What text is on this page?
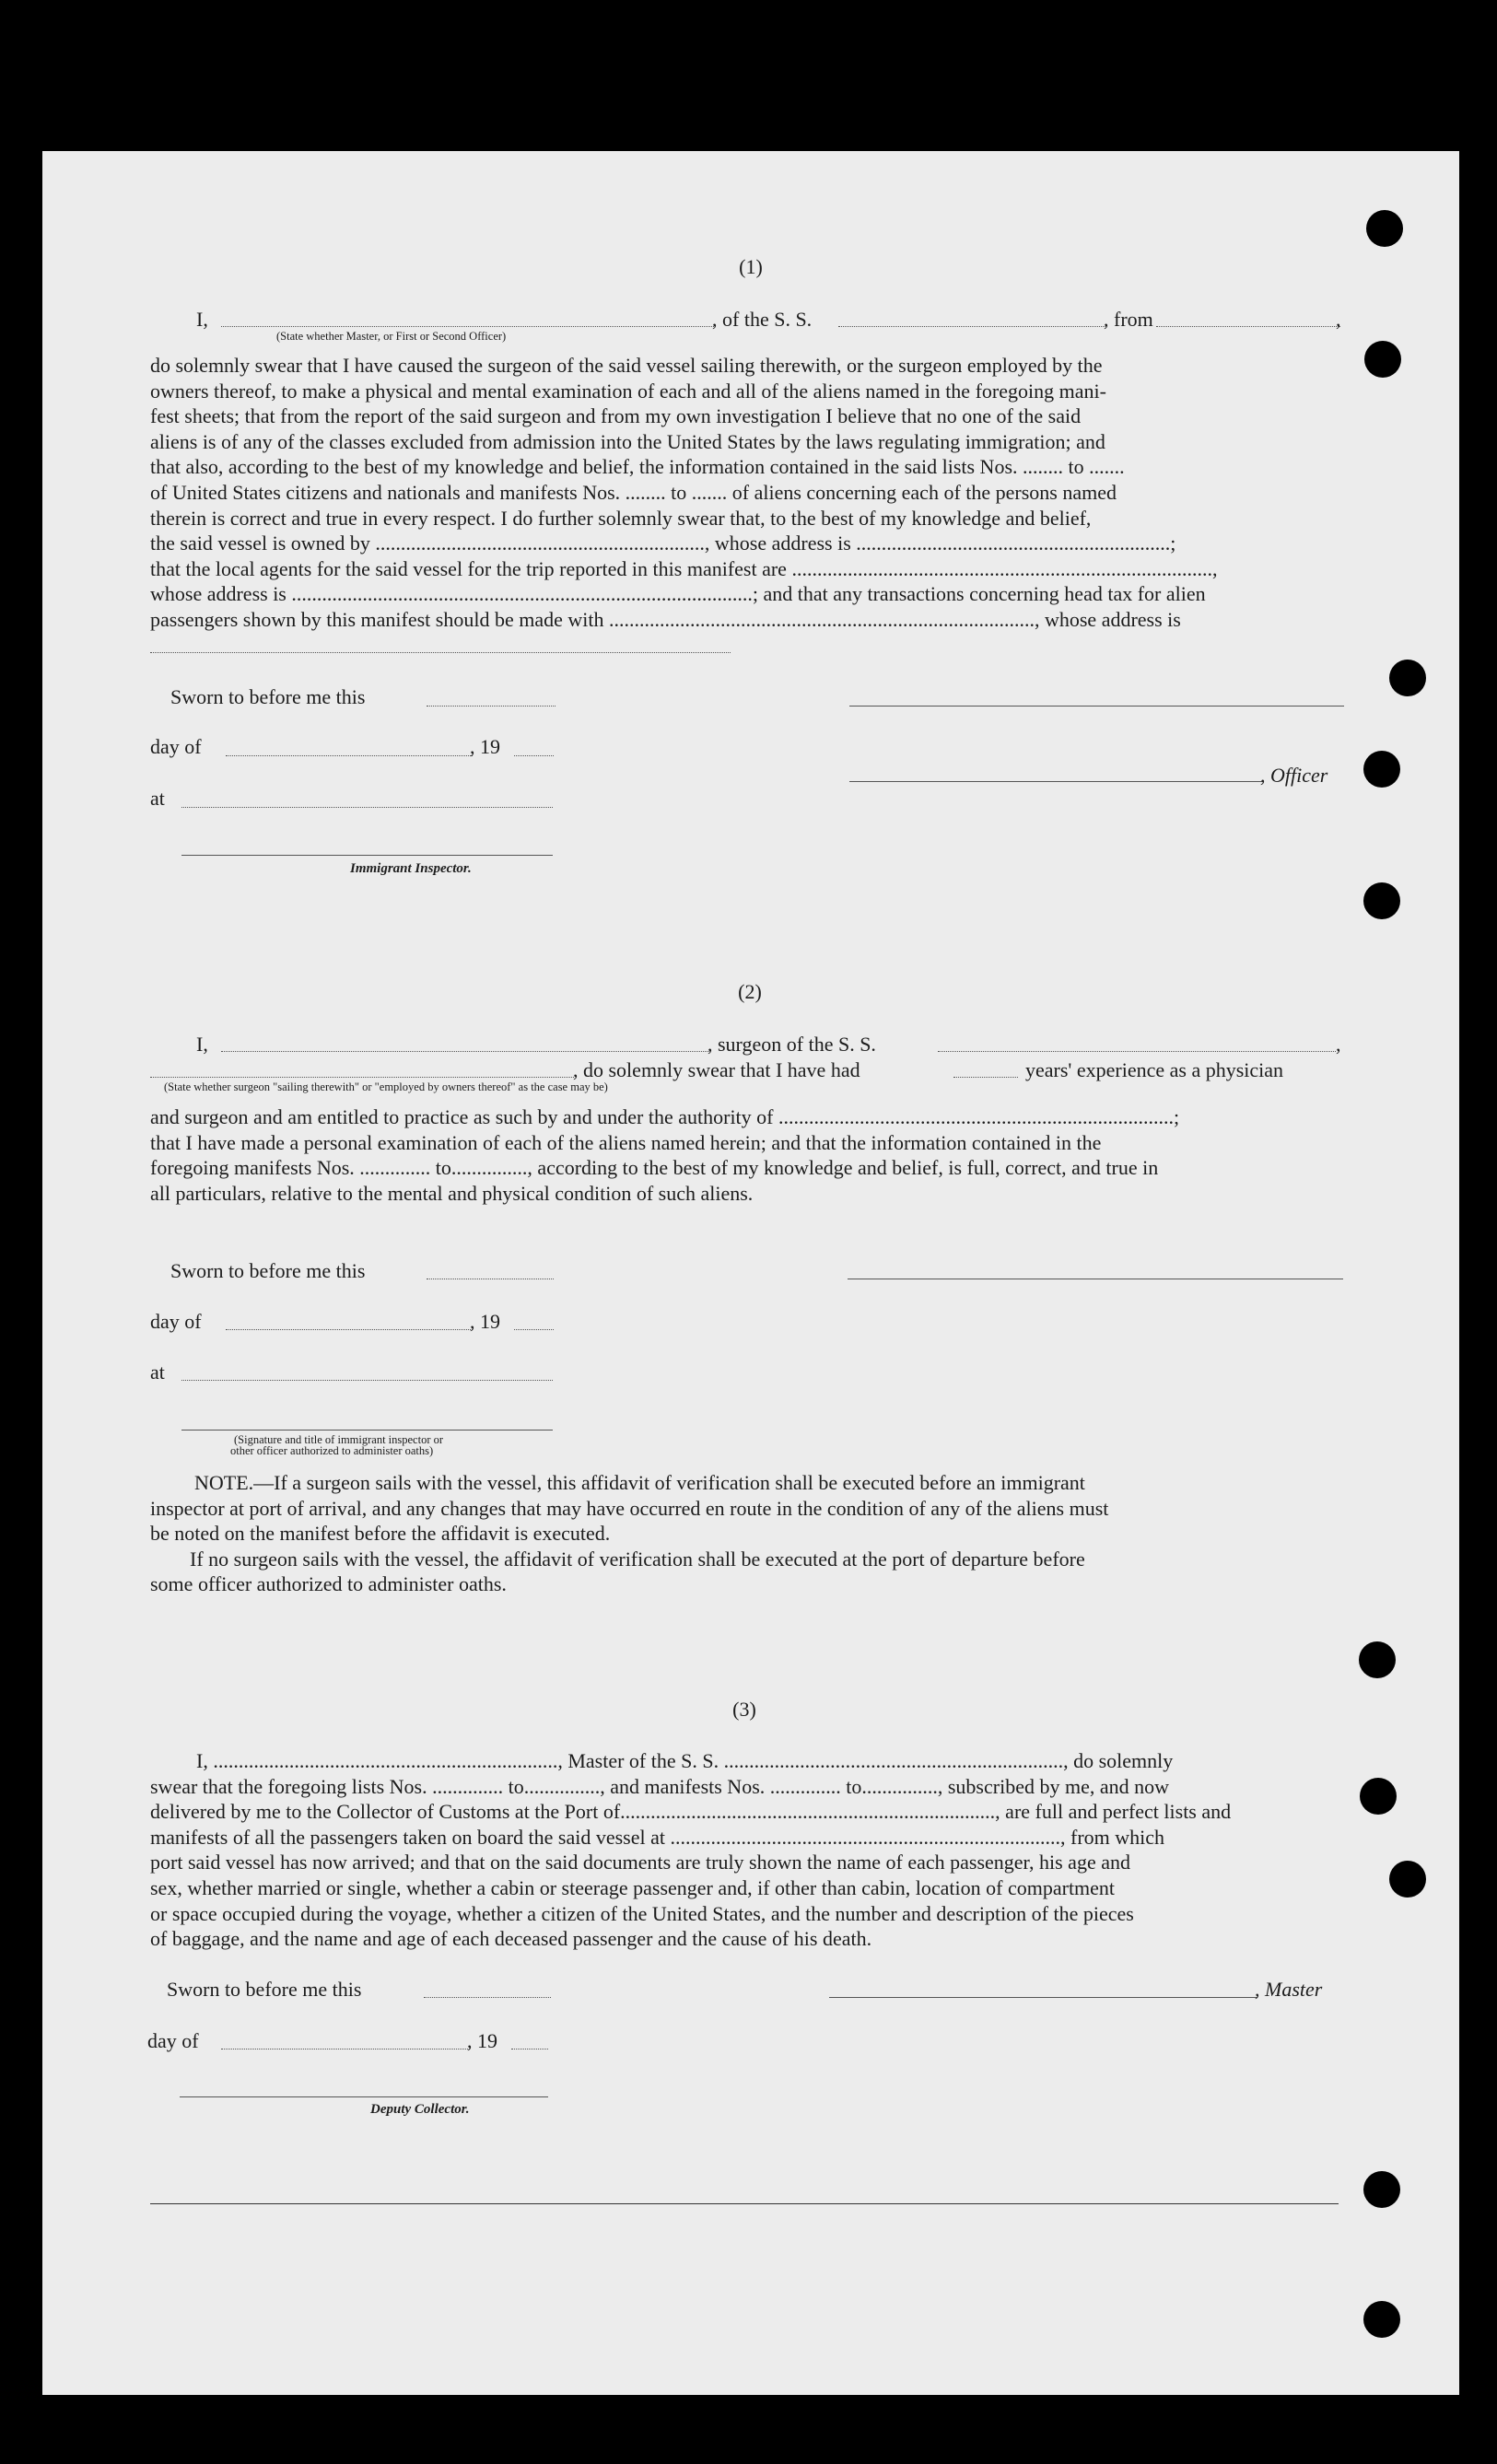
(1)
I,	, of the S. S.	, from	,
(State whether Master, or First or Second Officer)

do solemnly swear that I have caused the surgeon of the said vessel sailing therewith, or the surgeon employed by the

owners thereof, to make a physical and mental examination of each and all of the aliens named in the foregoing mani-

fest sheets; that from the report of the said surgeon and from my own investigation I believe that no one of the said

aliens is of any of the classes excluded from admission into the United States by the laws regulating immigration; and

that also, according to the best of my knowledge and belief, the information contained in the said lists Nos. ........ to .......

of United States citizens and nationals and manifests Nos. ........ to ....... of aliens concerning each of the persons named

therein is correct and true in every respect. I do further solemnly swear that, to the best of my knowledge and belief,

the said vessel is owned by ................................................................., whose address is ..............................................................;

that the local agents for the said vessel for the trip reported in this manifest are ...................................................................................,

whose address is ...........................................................................................; and that any transactions concerning head tax for alien

passengers shown by this manifest should be made with ...................................................................................., whose address is

Sworn to before me this
day of	, 19
, Officer
at
Immigrant Inspector.
(2)
I,	, surgeon of the S. S.	,
, do solemnly swear that I have had	years' experience as a physician
(State whether surgeon "sailing therewith" or "employed by owners thereof" as the case may be)

and surgeon and am entitled to practice as such by and under the authority of ..............................................................................;

that I have made a personal examination of each of the aliens named herein; and that the information contained in the

foregoing manifests Nos. .............. to..............., according to the best of my knowledge and belief, is full, correct, and true in

all particulars, relative to the mental and physical condition of such aliens.

Sworn to before me this
day of	, 19
at
(Signature and title of immigrant inspector or
other officer authorized to administer oaths)

NOTE.—If a surgeon sails with the vessel, this affidavit of verification shall be executed before an immigrant

inspector at port of arrival, and any changes that may have occurred en route in the condition of any of the aliens must

be noted on the manifest before the affidavit is executed.

If no surgeon sails with the vessel, the affidavit of verification shall be executed at the port of departure before

some officer authorized to administer oaths.

(3)

I, ...................................................................., Master of the S. S. ..................................................................., do solemnly

swear that the foregoing lists Nos. .............. to..............., and manifests Nos. .............. to..............., subscribed by me, and now

delivered by me to the Collector of Customs at the Port of.........................................................................., are full and perfect lists and

manifests of all the passengers taken on board the said vessel at ............................................................................., from which

port said vessel has now arrived; and that on the said documents are truly shown the name of each passenger, his age and

sex, whether married or single, whether a cabin or steerage passenger and, if other than cabin, location of compartment

or space occupied during the voyage, whether a citizen of the United States, and the number and description of the pieces

of baggage, and the name and age of each deceased passenger and the cause of his death.

Sworn to before me this	, Master
day of	, 19
Deputy Collector.
